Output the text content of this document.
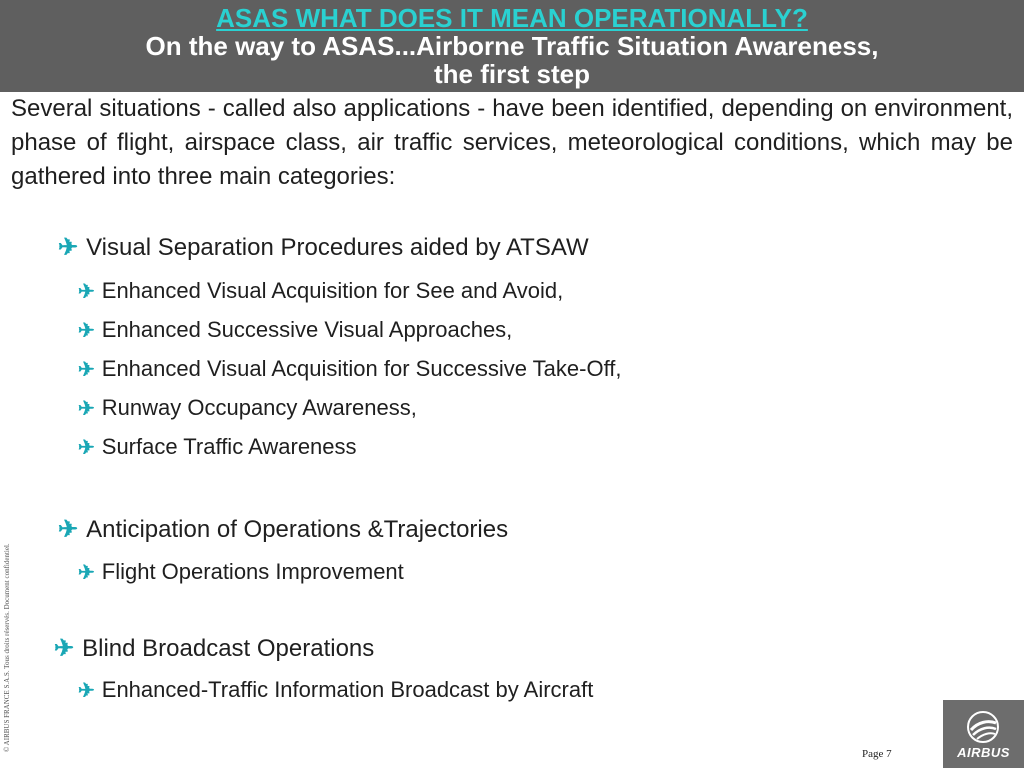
ASAS WHAT DOES IT MEAN OPERATIONALLY?
On the way to ASAS...Airborne Traffic Situation Awareness,
the first step
Several situations - called also applications - have been identified, depending on environment, phase of flight, airspace class, air traffic services, meteorological conditions, which may be gathered into three main categories:
✈ Visual Separation Procedures aided by ATSAW
✈ Enhanced Visual Acquisition for See and Avoid,
✈ Enhanced Successive Visual Approaches,
✈ Enhanced Visual Acquisition for Successive Take-Off,
✈ Runway Occupancy Awareness,
✈ Surface Traffic Awareness
✈ Anticipation of Operations &Trajectories
✈ Flight Operations Improvement
✈ Blind Broadcast Operations
✈ Enhanced-Traffic Information Broadcast by Aircraft
© AIRBUS FRANCE S.A.S. Tous droits réservés. Document confidentiel.
Page 7	AIRBUS
